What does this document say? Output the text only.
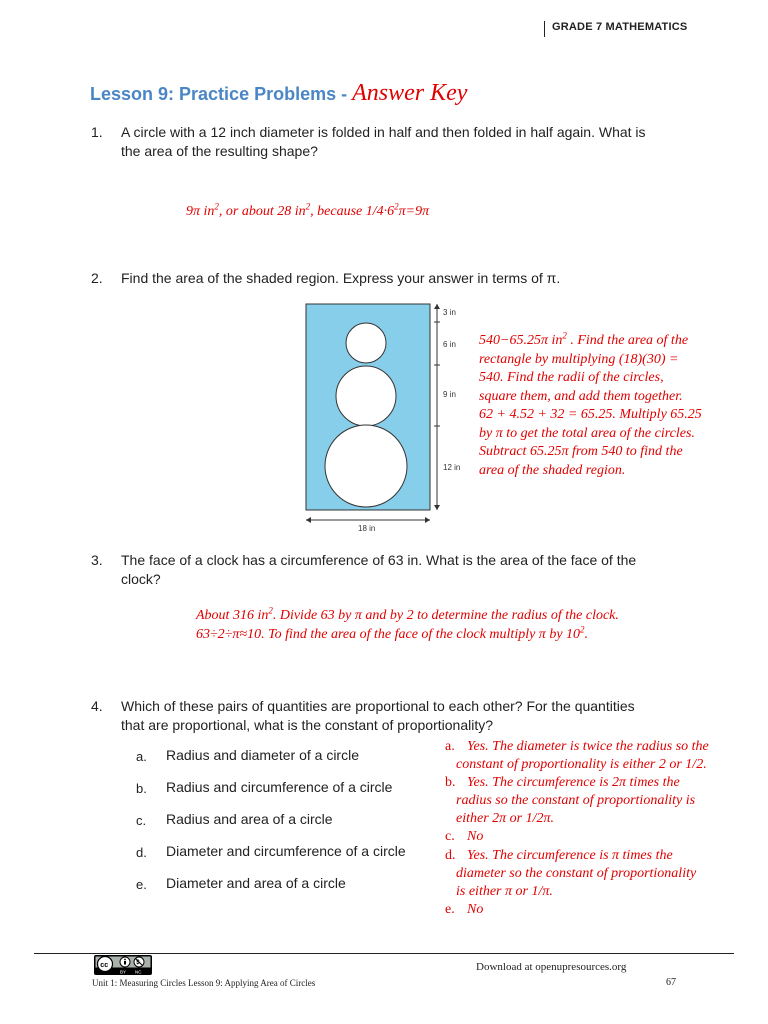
GRADE 7 MATHEMATICS
Lesson 9: Practice Problems - Answer Key
1. A circle with a 12 inch diameter is folded in half and then folded in half again. What is
the area of the resulting shape?
9π $in^2$, or about 28 $in^2$, because $1/4\cdot 6^2\pi=9\pi$
2. Find the area of the shaded region. Express your answer in terms of π.
3 in
6 in
9 in
12 in
18 in
540−65.25π $in^2$ . Find the area of the
rectangle by multiplying (18)(30) =
540. Find the radii of the circles,
square them, and add them together.
62 + 4.52 + 32 = 65.25. Multiply 65.25
by π to get the total area of the circles.
Subtract 65.25π from 540 to find the
area of the shaded region.
3. The face of a clock has a circumference of 63 in. What is the area of the face of the
clock?
About 316 $in^2$. Divide 63 by π and by 2 to determine the radius of the clock.
63÷2÷π≈10. To find the area of the face of the clock multiply π by $10^2$.
4. Which of these pairs of quantities are proportional to each other? For the quantities
that are proportional, what is the constant of proportionality?
a. Radius and diameter of a circle
b. Radius and circumference of a circle
c. Radius and area of a circle
d. Diameter and circumference of a circle
e. Diameter and area of a circle
a. Yes. The diameter is twice the radius so the
constant of proportionality is either 2 or 1/2.
b. Yes. The circumference is 2π times the
radius so the constant of proportionality is
either 2π or 1/2π.
c. No
d. Yes. The circumference is π times the
diameter so the constant of proportionality
is either π or 1/π.
e. No
cc	$
BY NC	Download at openupresources.org
Unit 1: Measuring Circles Lesson 9: Applying Area of Circles	67
